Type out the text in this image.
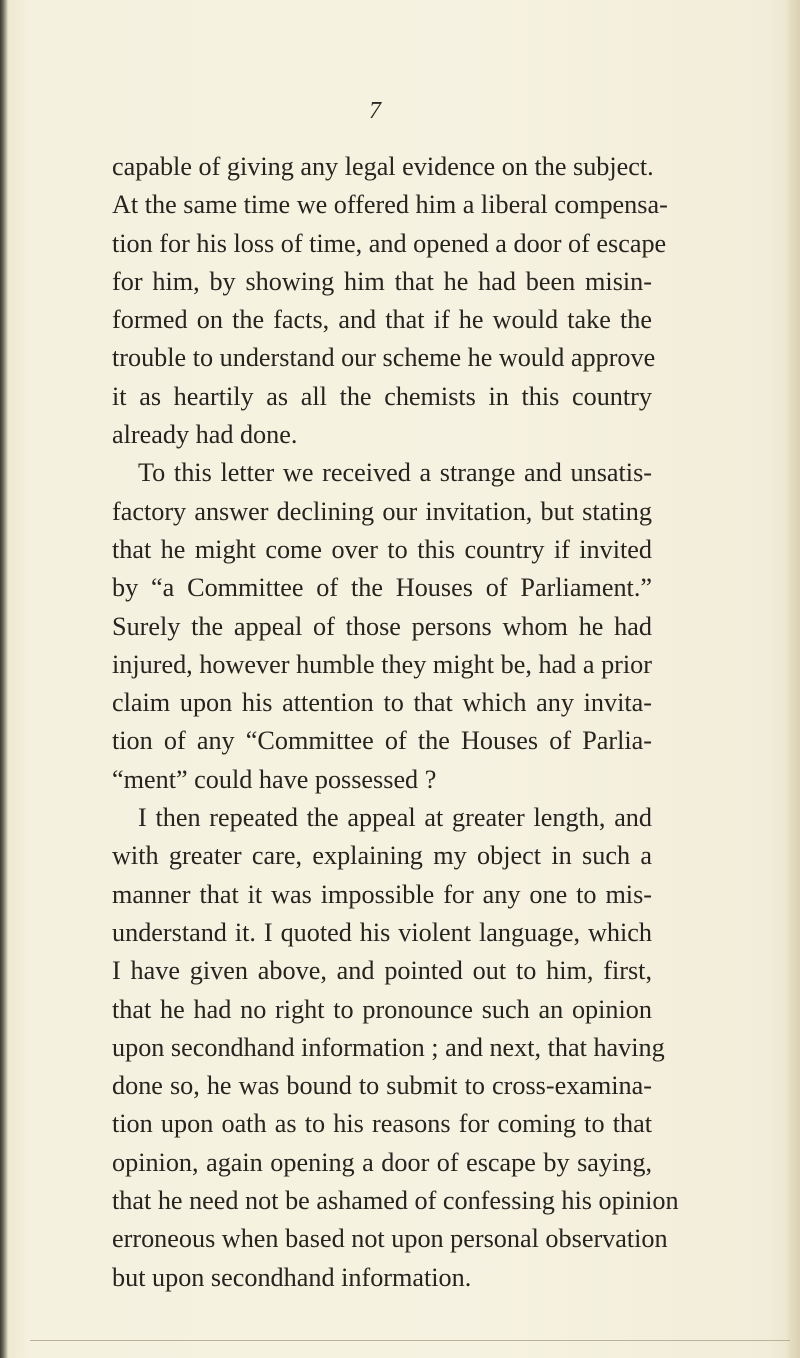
7
capable of giving any legal evidence on the subject.
At the same time we offered him a liberal compensa-
tion for his loss of time, and opened a door of escape
for him, by showing him that he had been misin-
formed on the facts, and that if he would take the
trouble to understand our scheme he would approve
it as heartily as all the chemists in this country
already had done.
To this letter we received a strange and unsatis-
factory answer declining our invitation, but stating
that he might come over to this country if invited
by “a Committee of the Houses of Parliament.”
Surely the appeal of those persons whom he had
injured, however humble they might be, had a prior
claim upon his attention to that which any invita-
tion of any “Committee of the Houses of Parlia-
“ment” could have possessed ?
I then repeated the appeal at greater length, and
with greater care, explaining my object in such a
manner that it was impossible for any one to mis-
understand it. I quoted his violent language, which
I have given above, and pointed out to him, first,
that he had no right to pronounce such an opinion
upon secondhand information ; and next, that having
done so, he was bound to submit to cross-examina-
tion upon oath as to his reasons for coming to that
opinion, again opening a door of escape by saying,
that he need not be ashamed of confessing his opinion
erroneous when based not upon personal observation
but upon secondhand information.
